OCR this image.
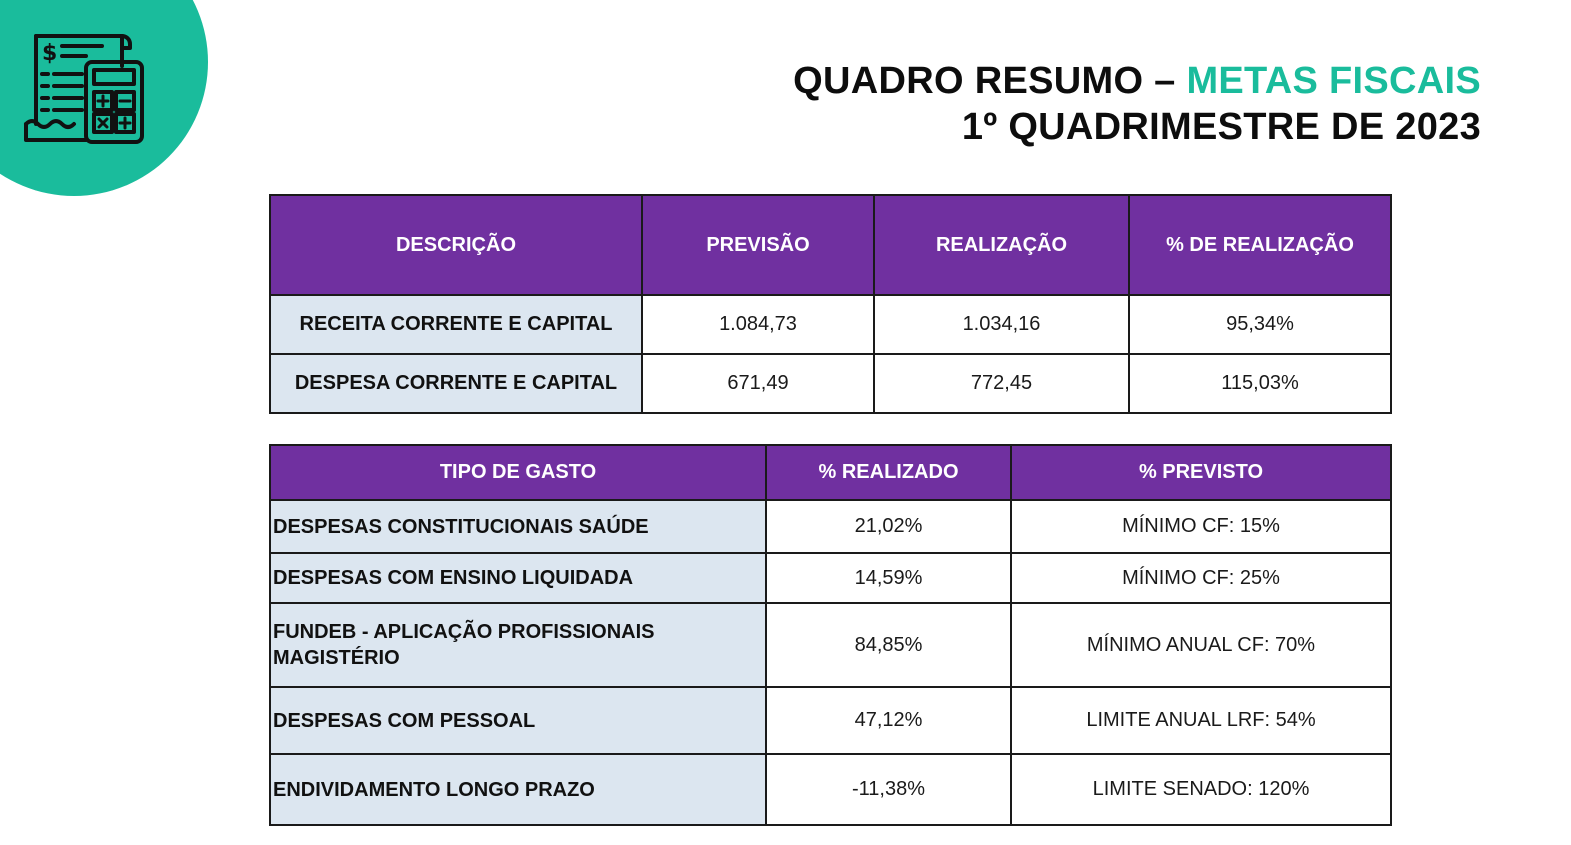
$
QUADRO RESUMO – METAS FISCAIS
1º QUADRIMESTRE DE 2023
DESCRIÇÃO	PREVISÃO	REALIZAÇÃO	% DE REALIZAÇÃO
RECEITA CORRENTE E CAPITAL	1.084,73	1.034,16	95,34%
DESPESA CORRENTE E CAPITAL	671,49	772,45	115,03%
TIPO DE GASTO	% REALIZADO	% PREVISTO
DESPESAS CONSTITUCIONAIS SAÚDE	21,02%	MÍNIMO CF: 15%
DESPESAS COM ENSINO LIQUIDADA	14,59%	MÍNIMO CF: 25%
FUNDEB - APLICAÇÃO PROFISSIONAIS MAGISTÉRIO	84,85%	MÍNIMO ANUAL CF: 70%
DESPESAS COM PESSOAL	47,12%	LIMITE ANUAL LRF: 54%
ENDIVIDAMENTO LONGO PRAZO	-11,38%	LIMITE SENADO: 120%
